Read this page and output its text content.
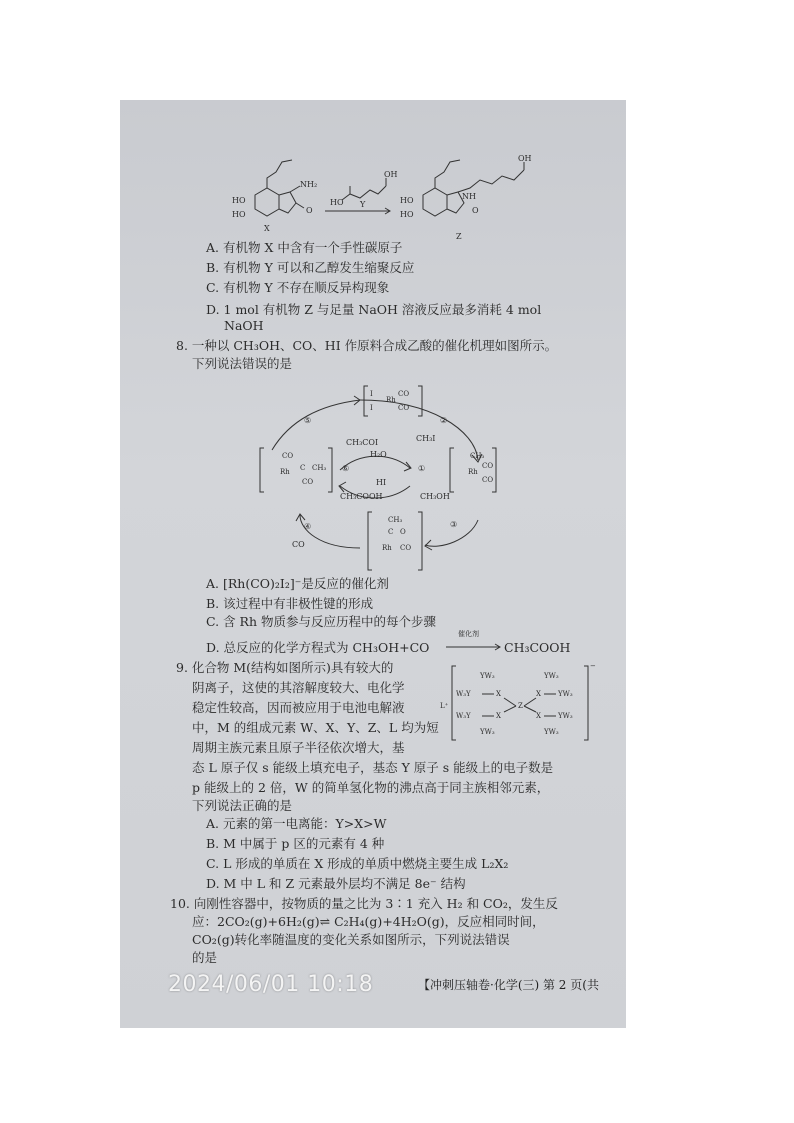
HO
HO
NH₂
O
X
HO
OH
Y	HO
HO
NH
O
OH
Z
A. 有机物 X 中含有一个手性碳原子
B. 有机物 Y 可以和乙醇发生缩聚反应
C. 有机物 Y 不存在顺反异构现象
D. 1 mol 有机物 Z 与足量 NaOH 溶液反应最多消耗 4 mol
NaOH
8. 一种以 CH₃OH、CO、HI 作原料合成乙酸的催化机理如图所示。
下列说法错误的是
Rh
CO
CO
I
I
⑤	②
CH₃COI	CH₃I
H₂O
⑥	①
HI
CH₃COOH	CH₃OH
CO
Rh C CH₃
CO
CH₃
Rh
CO
CO
④	③
CH₃
C O
Rh CO
CO
A. [Rh(CO)₂I₂]⁻是反应的催化剂
B. 该过程中有非极性键的形成
C. 含 Rh 物质参与反应历程中的每个步骤
D. 总反应的化学方程式为 CH₃OH+CO
催化剂
CH₃COOH
9. 化合物 M(结构如图所示)具有较大的
阴离子，这使的其溶解度较大、电化学
稳定性较高，因而被应用于电池电解液
中，M 的组成元素 W、X、Y、Z、L 均为短
周期主族元素且原子半径依次增大，基
态 L 原子仅 s 能级上填充电子，基态 Y 原子 s 能级上的电子数是
p 能级上的 2 倍，W 的简单氢化物的沸点高于同主族相邻元素，
下列说法正确的是
L⁺
−
YW₃	YW₃
W₃Y
W₃Y
X
X
Z
X
X
YW₃
YW₃
YW₃	YW₃
A. 元素的第一电离能：Y>X>W
B. M 中属于 p 区的元素有 4 种
C. L 形成的单质在 X 形成的单质中燃烧主要生成 L₂X₂
D. M 中 L 和 Z 元素最外层均不满足 8e⁻ 结构
10. 向刚性容器中，按物质的量之比为 3∶1 充入 H₂ 和 CO₂，发生反
应：2CO₂(g)+6H₂(g)⇌ C₂H₄(g)+4H₂O(g)，反应相同时间，
CO₂(g)转化率随温度的变化关系如图所示，下列说法错误
的是
2024/06/01 10:18	【冲刺压轴卷·化学(三) 第 2 页(共
